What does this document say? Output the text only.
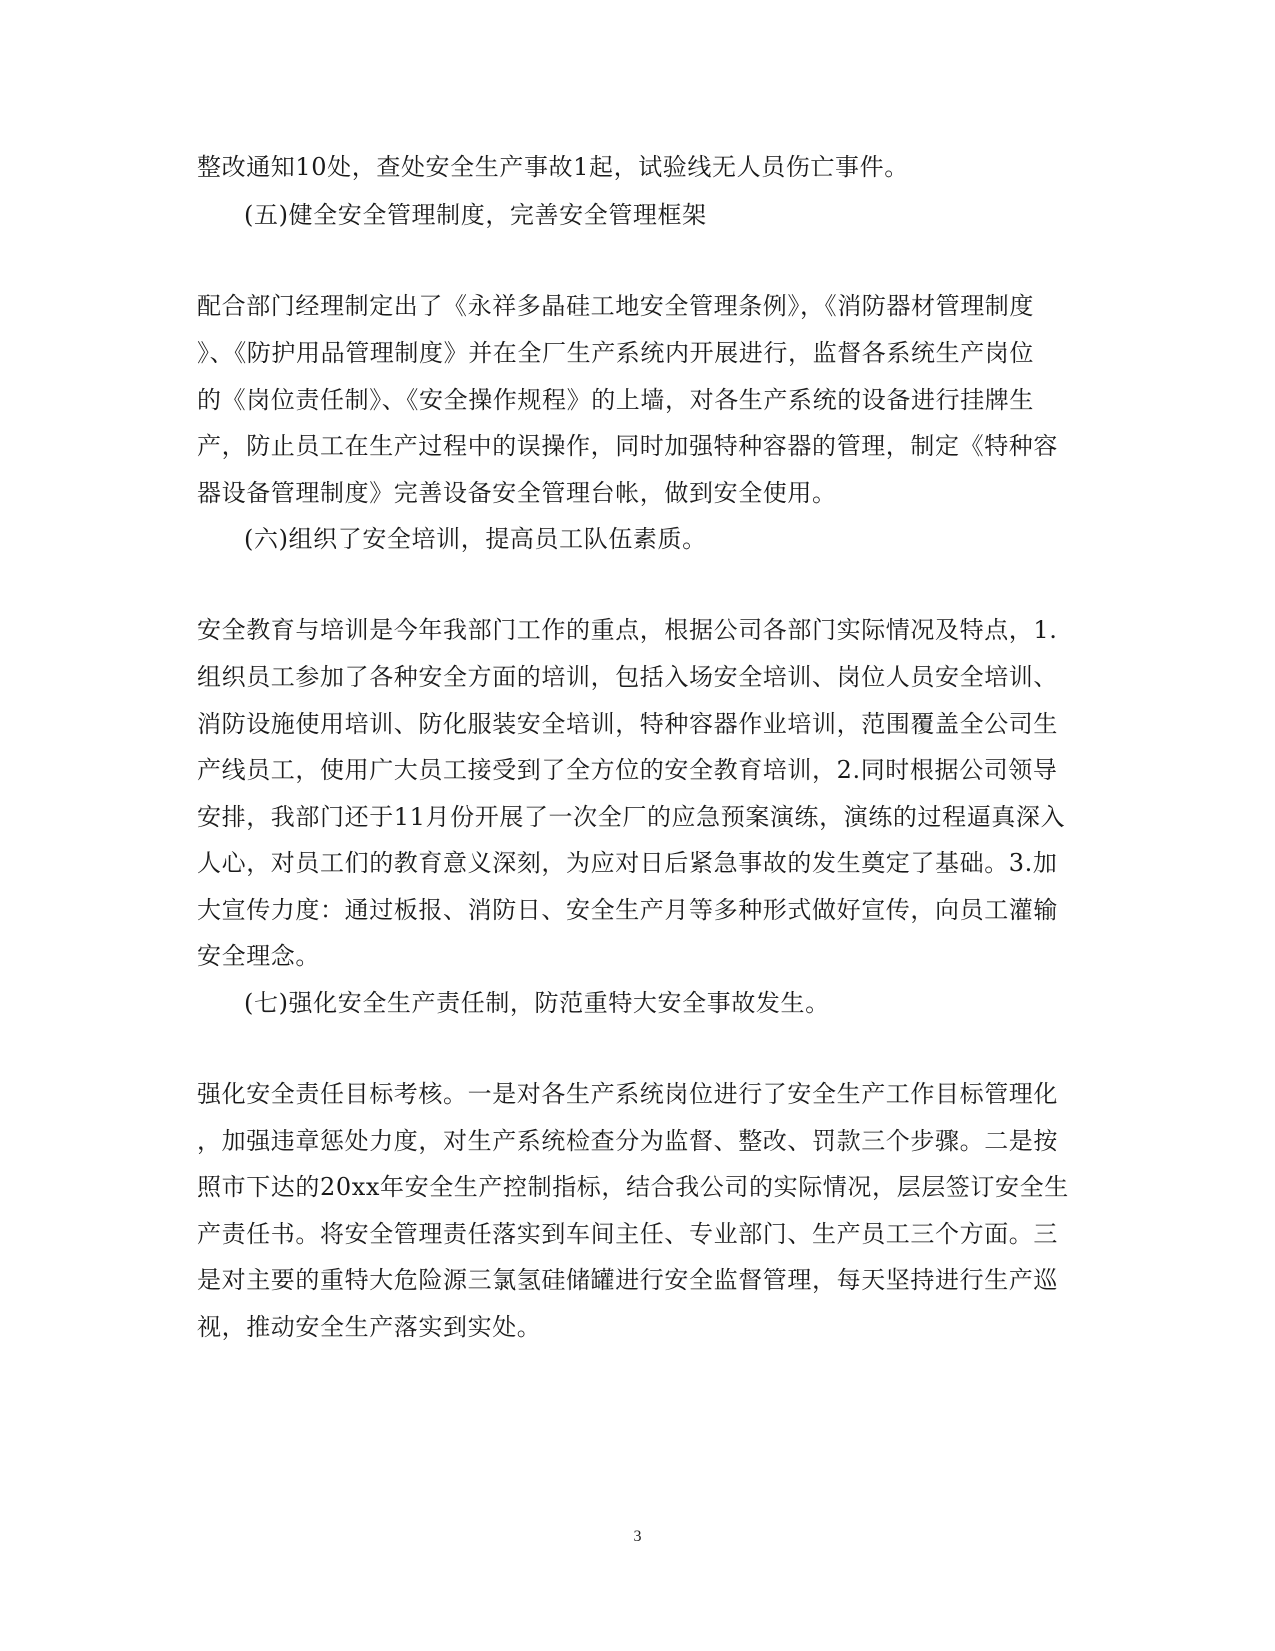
整改通知10处，查处安全生产事故1起，试验线无人员伤亡事件。
(五)健全安全管理制度，完善安全管理框架
配合部门经理制定出了《永祥多晶硅工地安全管理条例》，《消防器材管理制度
》、《防护用品管理制度》并在全厂生产系统内开展进行，监督各系统生产岗位
的《岗位责任制》、《安全操作规程》的上墙，对各生产系统的设备进行挂牌生
产，防止员工在生产过程中的误操作，同时加强特种容器的管理，制定《特种容
器设备管理制度》完善设备安全管理台帐，做到安全使用。
(六)组织了安全培训，提高员工队伍素质。
安全教育与培训是今年我部门工作的重点，根据公司各部门实际情况及特点，1.
组织员工参加了各种安全方面的培训，包括入场安全培训、岗位人员安全培训、
消防设施使用培训、防化服装安全培训，特种容器作业培训，范围覆盖全公司生
产线员工，使用广大员工接受到了全方位的安全教育培训，2.同时根据公司领导
安排，我部门还于11月份开展了一次全厂的应急预案演练，演练的过程逼真深入
人心，对员工们的教育意义深刻，为应对日后紧急事故的发生奠定了基础。3.加
大宣传力度：通过板报、消防日、安全生产月等多种形式做好宣传，向员工灌输
安全理念。
(七)强化安全生产责任制，防范重特大安全事故发生。
强化安全责任目标考核。一是对各生产系统岗位进行了安全生产工作目标管理化
，加强违章惩处力度，对生产系统检查分为监督、整改、罚款三个步骤。二是按
照市下达的20xx年安全生产控制指标，结合我公司的实际情况，层层签订安全生
产责任书。将安全管理责任落实到车间主任、专业部门、生产员工三个方面。三
是对主要的重特大危险源三氯氢硅储罐进行安全监督管理，每天坚持进行生产巡
视，推动安全生产落实到实处。
3
